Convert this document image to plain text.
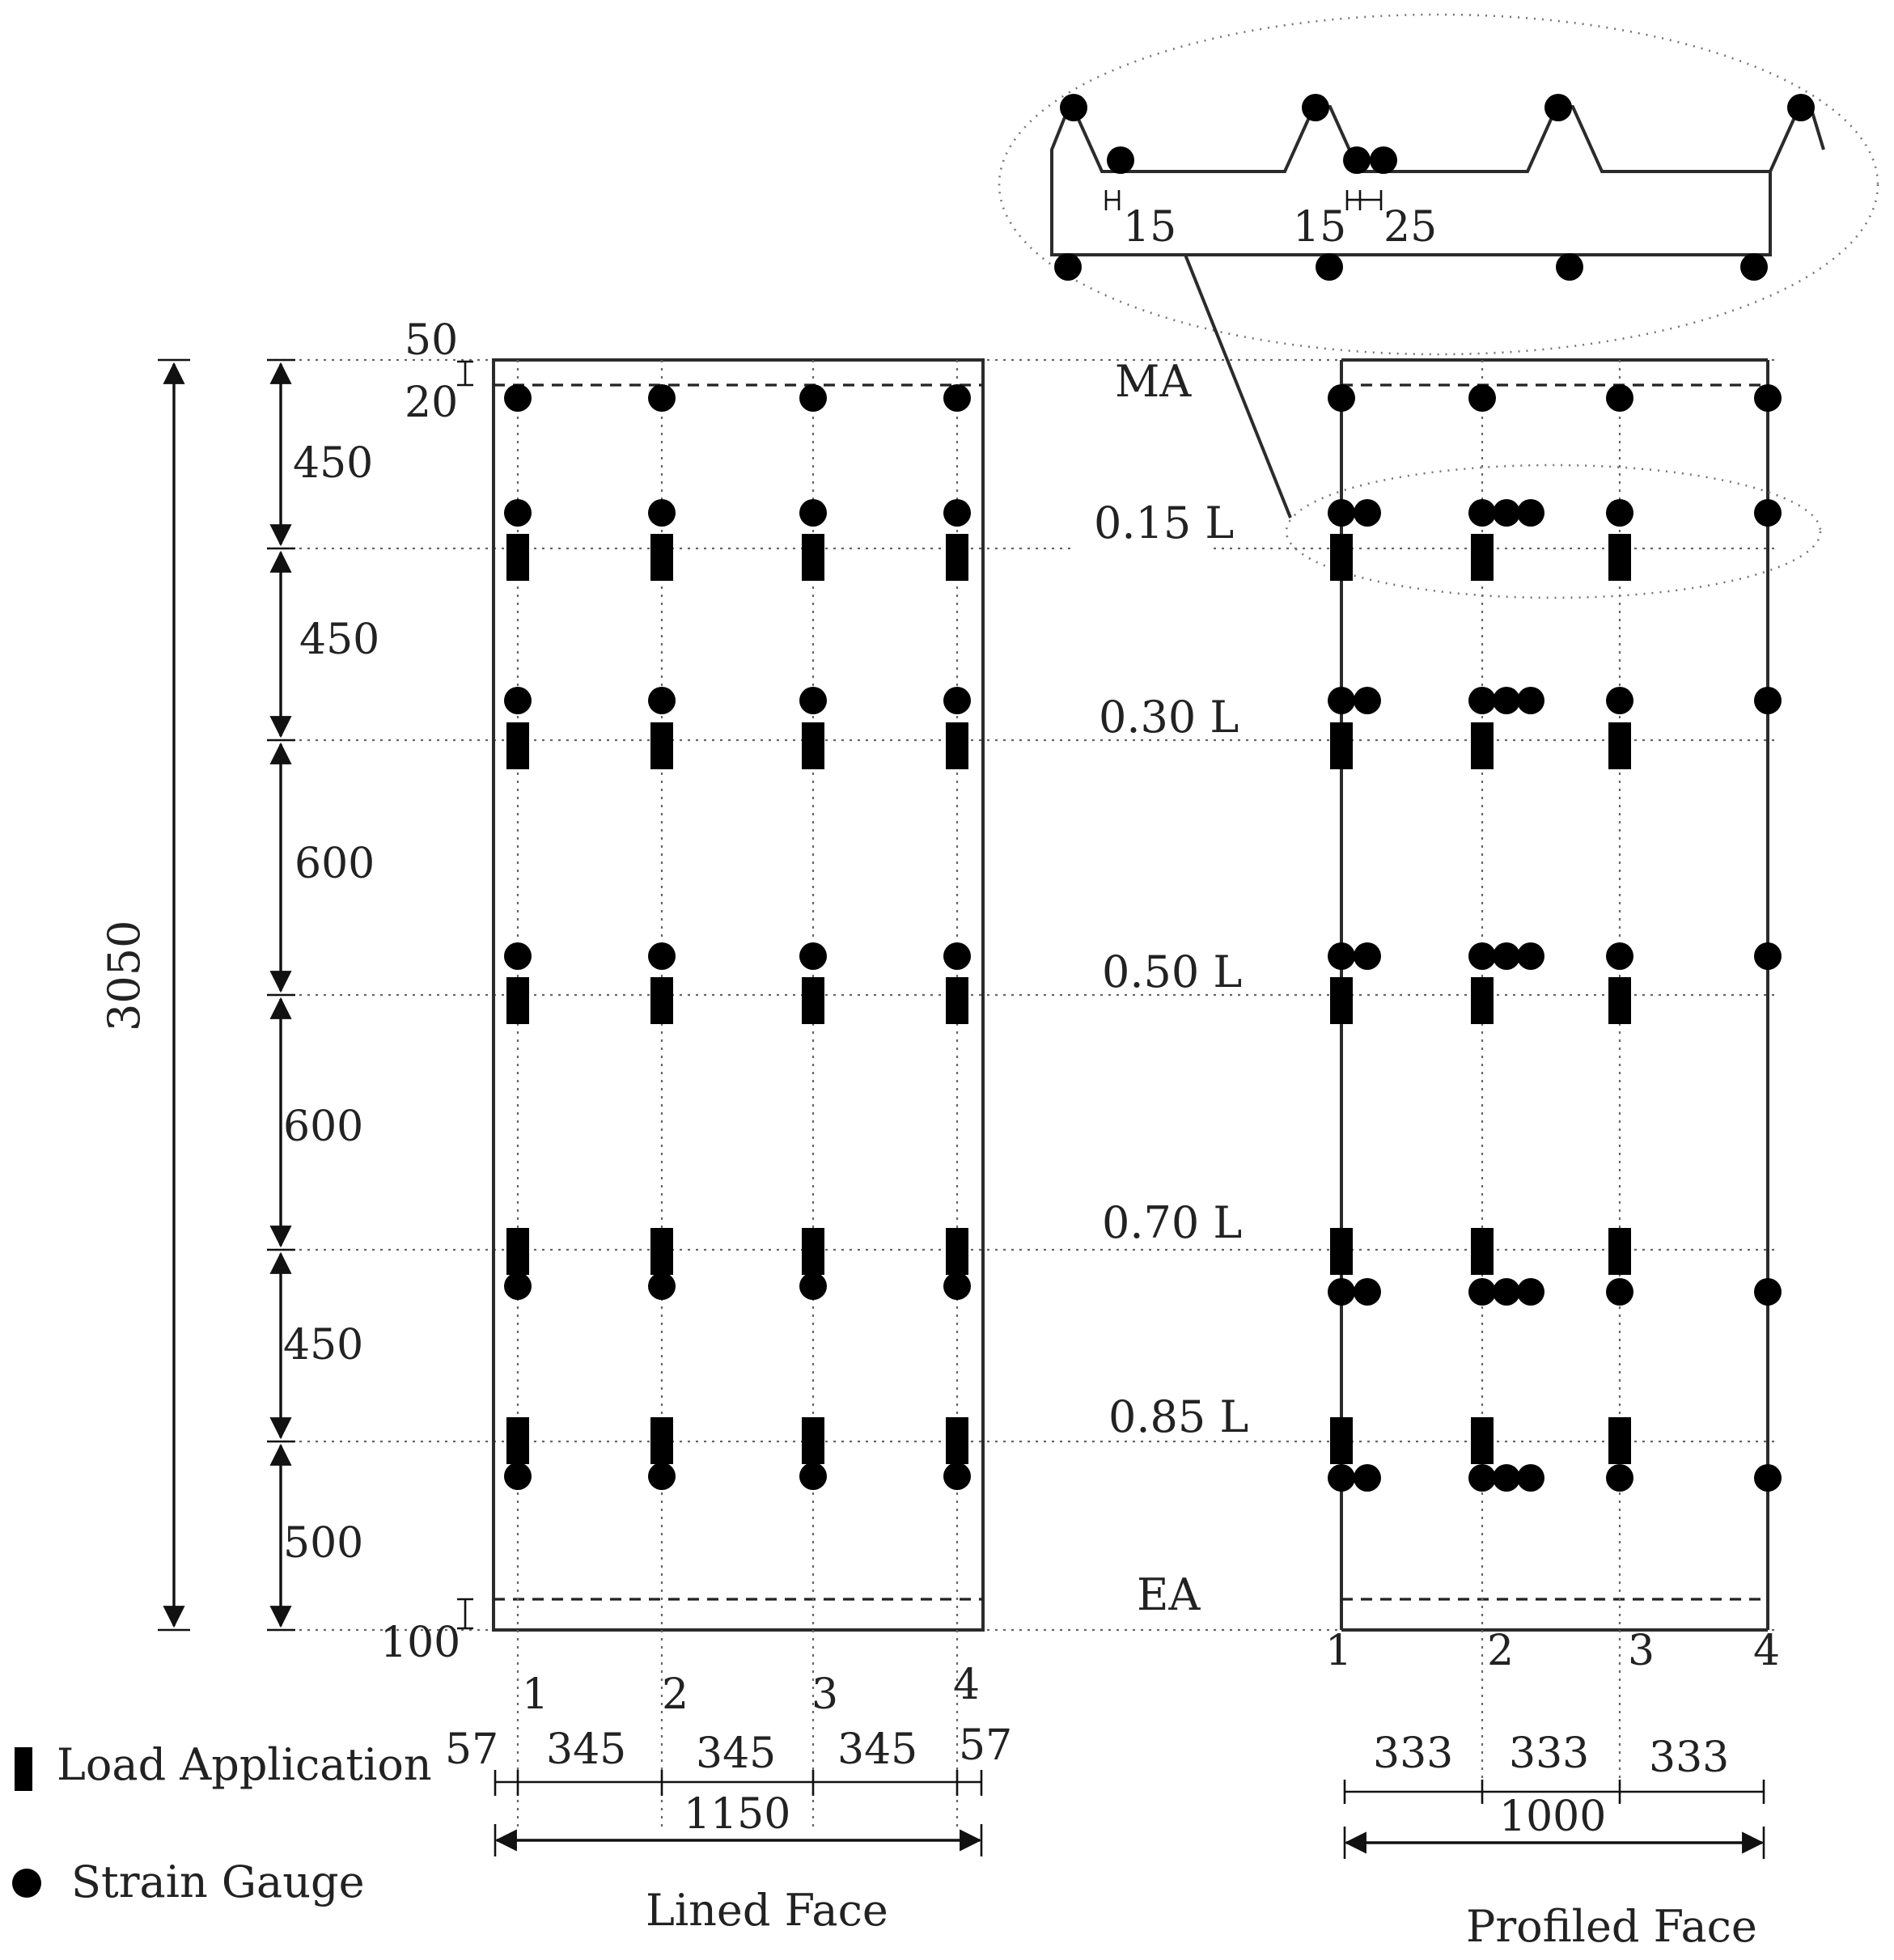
15	15 25
MA
0.15 L
0.30 L
0.50 L
0.70 L
0.85 L
EA
3050
450
450
600
600
450
500
50
20
100
1	2	3	4
1	2	3 4
57 345 345 345 57
1150
333 333 333
1000
Lined Face	Profiled Face
Load Application
Strain Gauge
